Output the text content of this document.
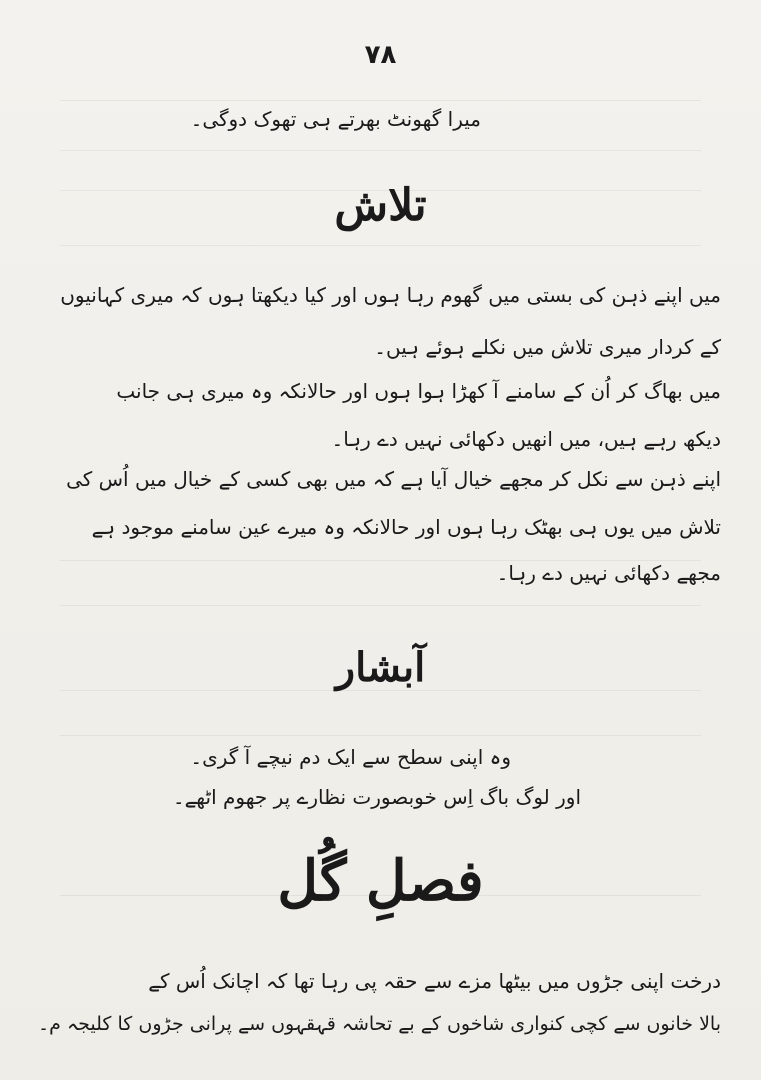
۷۸
میرا گھونٹ بھرتے ہی تھوک دوگی۔
تلاش
میں اپنے ذہن کی بستی میں گھوم رہا ہوں اور کیا دیکھتا ہوں کہ میری کہانیوں
کے کردار میری تلاش میں نکلے ہوئے ہیں۔
میں بھاگ کر اُن کے سامنے آ کھڑا ہوا ہوں اور حالانکہ وہ میری ہی جانب
دیکھ رہے ہیں، میں انھیں دکھائی نہیں دے رہا۔
اپنے ذہن سے نکل کر مجھے خیال آیا ہے کہ میں بھی کسی کے خیال میں اُس کی
تلاش میں یوں ہی بھٹک رہا ہوں اور حالانکہ وہ میرے عین سامنے موجود ہے
مجھے دکھائی نہیں دے رہا۔
آبشار
وہ اپنی سطح سے ایک دم نیچے آ گری۔
اور لوگ باگ اِس خوبصورت نظارے پر جھوم اٹھے۔
فصلِ گُل
درخت اپنی جڑوں میں بیٹھا مزے سے حقہ پی رہا تھا کہ اچانک اُس کے
بالا خانوں سے کچی کنواری شاخوں کے بے تحاشہ قہقہوں سے پرانی جڑوں کا کلیجہ م۔
